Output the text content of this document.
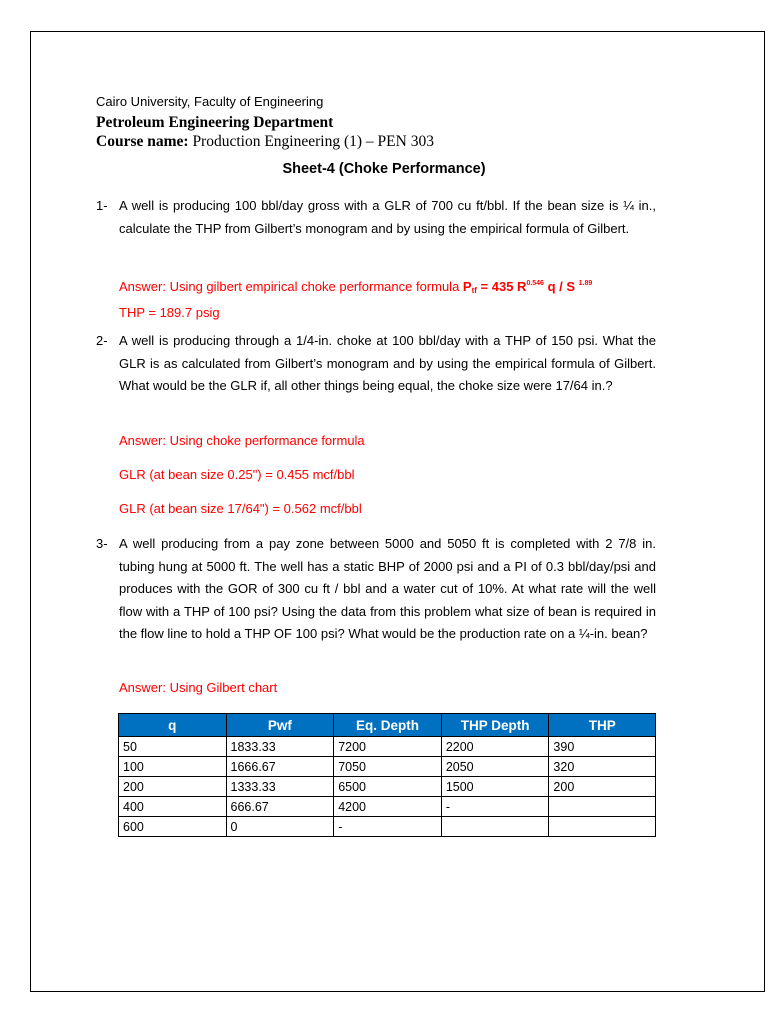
Cairo University, Faculty of Engineering
Petroleum Engineering Department
Course name: Production Engineering (1) – PEN 303
Sheet-4 (Choke Performance)
1- A well is producing 100 bbl/day gross with a GLR of 700 cu ft/bbl. If the bean size is ¼ in., calculate the THP from Gilbert’s monogram and by using the empirical formula of Gilbert.
Answer: Using gilbert empirical choke performance formula $P_{tf} = 435$ $R^{0.546}$ q / S $^{1.89}$
THP = 189.7 psig
2- A well is producing through a 1/4-in. choke at 100 bbl/day with a THP of 150 psi. What the GLR is as calculated from Gilbert’s monogram and by using the empirical formula of Gilbert. What would be the GLR if, all other things being equal, the choke size were 17/64 in.?
Answer: Using choke performance formula
GLR (at bean size 0.25") = 0.455 mcf/bbl
GLR (at bean size 17/64") = 0.562 mcf/bbl
3- A well producing from a pay zone between 5000 and 5050 ft is completed with 2 7/8 in. tubing hung at 5000 ft. The well has a static BHP of 2000 psi and a PI of 0.3 bbl/day/psi and produces with the GOR of 300 cu ft / bbl and a water cut of 10%. At what rate will the well flow with a THP of 100 psi? Using the data from this problem what size of bean is required in the flow line to hold a THP OF 100 psi? What would be the production rate on a ¼-in. bean?
Answer: Using Gilbert chart
q	Pwf	Eq. Depth	THP Depth	THP
50	1833.33	7200	2200	390
100	1666.67	7050	2050	320
200	1333.33	6500	1500	200
400	666.67	4200	-	
600	0	-		
